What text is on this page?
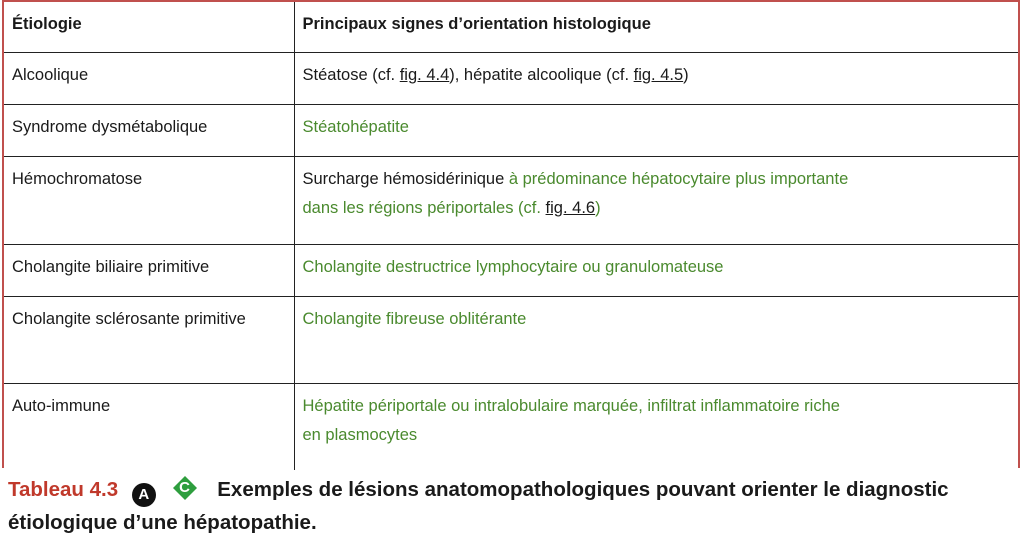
Étiologie	Principaux signes d’orientation histologique
Alcoolique	Stéatose (cf. fig. 4.4), hépatite alcoolique (cf. fig. 4.5)
Syndrome dysmétabolique	Stéatohépatite
Hémochromatose	Surcharge hémosidérinique à prédominance hépatocytaire plus importante
dans les régions périportales (cf. fig. 4.6)
Cholangite biliaire primitive	Cholangite destructrice lymphocytaire ou granulomateuse
Cholangite sclérosante primitive	Cholangite fibreuse oblitérante
Auto-immune	Hépatite périportale ou intralobulaire marquée, infiltrat inflammatoire riche
en plasmocytes
Tableau 4.3 A	C	Exemples de lésions anatomopathologiques pouvant orienter le diagnostic étiologique d’une hépatopathie.
